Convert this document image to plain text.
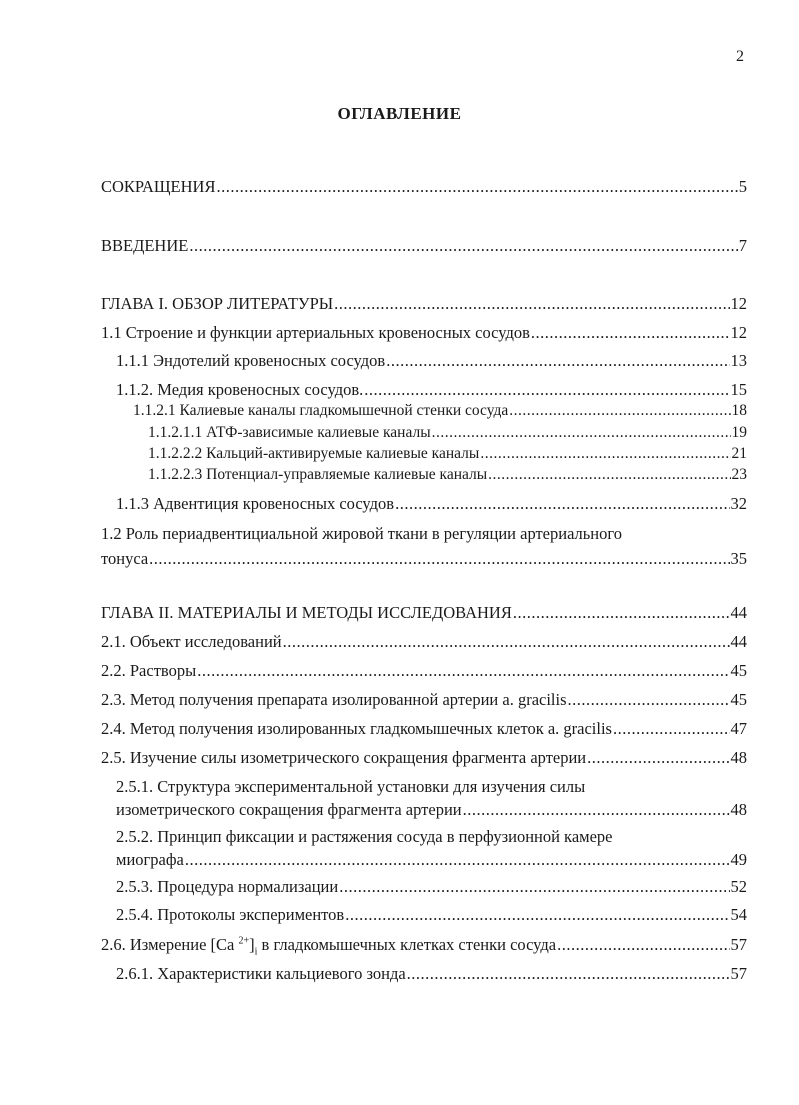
2
ОГЛАВЛЕНИЕ
СОКРАЩЕНИЯ .....	5
ВВЕДЕНИЕ .....	7
ГЛАВА I. ОБЗОР ЛИТЕРАТУРЫ .....	12
1.1 Строение и функции артериальных кровеносных сосудов .....	12
1.1.1 Эндотелий кровеносных сосудов .....	13
1.1.2. Медия кровеносных сосудов. .....	15
1.1.2.1 Калиевые каналы гладкомышечной стенки сосуда .....	18
1.1.2.1.1 АТФ-зависимые калиевые каналы .....	19
1.1.2.2.2 Кальций-активируемые калиевые каналы .....	21
1.1.2.2.3 Потенциал-управляемые калиевые каналы .....	23
1.1.3 Адвентиция кровеносных сосудов .....	32
1.2 Роль периадвентициальной жировой ткани в регуляции артериального
тонуса .....	35
ГЛАВА II. МАТЕРИАЛЫ И МЕТОДЫ ИССЛЕДОВАНИЯ .....	44
2.1. Объект исследований .....	44
2.2. Растворы .....	45
2.3. Метод получения препарата изолированной артерии a. gracilis .....	45
2.4. Метод получения изолированных гладкомышечных клеток a. gracilis .....	47
2.5. Изучение силы изометрического сокращения фрагмента артерии .....	48
2.5.1. Структура экспериментальной установки для изучения силы
изометрического сокращения фрагмента артерии .....	48
2.5.2. Принцип фиксации и растяжения сосуда в перфузионной камере
миографа .....	49
2.5.3. Процедура нормализации .....	52
2.5.4. Протоколы экспериментов .....	54
2.6. Измерение [Ca $^{2+}]_i$ в гладкомышечных клетках стенки сосуда .....	57
2.6.1. Характеристики кальциевого зонда .....	57
